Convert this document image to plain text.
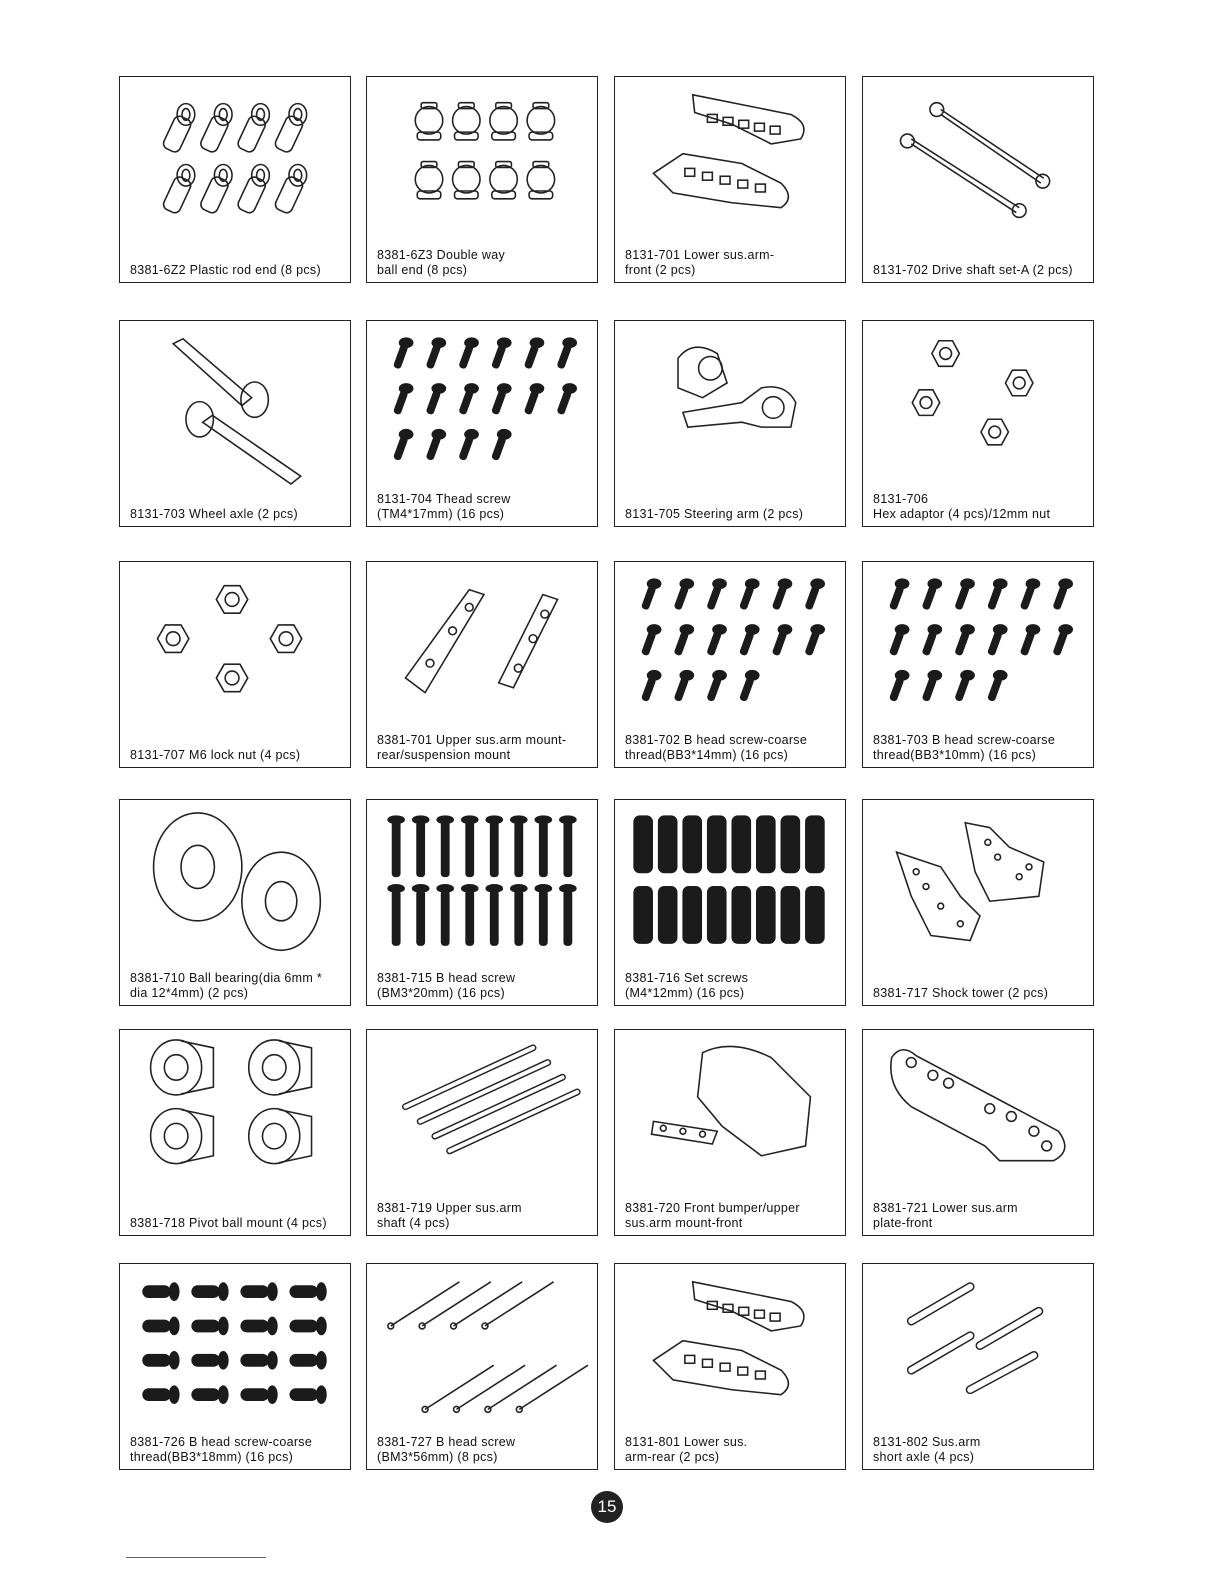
8381-6Z2 Plastic rod end (8 pcs)
8381-6Z3 Double way
ball end (8 pcs)
8131-701 Lower sus.arm-
front (2 pcs)	8131-702 Drive shaft set-A (2 pcs)
8131-703 Wheel axle (2 pcs)
8131-704 Thead screw
(TM4*17mm) (16 pcs)	8131-705 Steering arm (2 pcs)
8131-706
Hex adaptor (4 pcs)/12mm nut
8131-707 M6 lock nut (4 pcs)
8381-701 Upper sus.arm mount-
rear/suspension mount
8381-702 B head screw-coarse
thread(BB3*14mm) (16 pcs)
8381-703 B head screw-coarse
thread(BB3*10mm) (16 pcs)
8381-710 Ball bearing(dia 6mm *
dia 12*4mm) (2 pcs)
8381-715 B head screw
(BM3*20mm) (16 pcs)
8381-716 Set screws
(M4*12mm) (16 pcs)	8381-717 Shock tower (2 pcs)
8381-718 Pivot ball mount (4 pcs)
8381-719 Upper sus.arm
shaft (4 pcs)
8381-720 Front bumper/upper
sus.arm mount-front
8381-721 Lower sus.arm
plate-front
8381-726 B head screw-coarse
thread(BB3*18mm) (16 pcs)
8381-727 B head screw
(BM3*56mm) (8 pcs)
8131-801 Lower sus.
arm-rear (2 pcs)
8131-802 Sus.arm
short axle (4 pcs)
15
